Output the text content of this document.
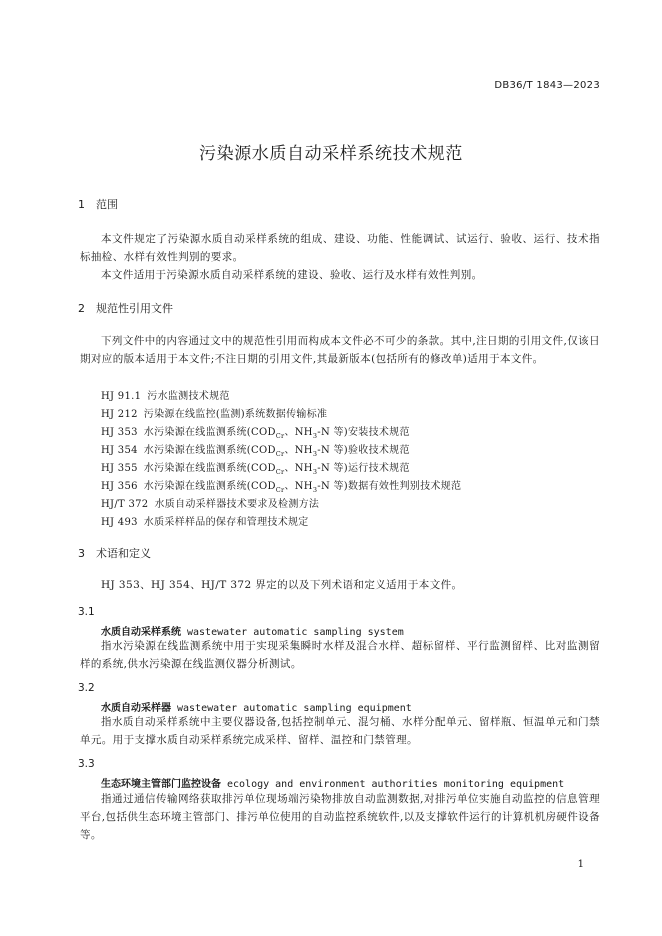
DB36/T 1843—2023
污染源水质自动采样系统技术规范
1 范围
本文件规定了污染源水质自动采样系统的组成、建设、功能、性能调试、试运行、验收、运行、技术指标抽检、水样有效性判别的要求。
本文件适用于污染源水质自动采样系统的建设、验收、运行及水样有效性判别。
2 规范性引用文件
下列文件中的内容通过文中的规范性引用而构成本文件必不可少的条款。其中,注日期的引用文件,仅该日期对应的版本适用于本文件;不注日期的引用文件,其最新版本(包括所有的修改单)适用于本文件。
HJ 91.1 污水监测技术规范
HJ 212 污染源在线监控(监测)系统数据传输标准
HJ 353 水污染源在线监测系统($COD_{Cr}$、$NH_3-N$ 等)安装技术规范
HJ 354 水污染源在线监测系统($COD_{Cr}$、$NH_3-N$ 等)验收技术规范
HJ 355 水污染源在线监测系统($COD_{Cr}$、$NH_3-N$ 等)运行技术规范
HJ 356 水污染源在线监测系统($COD_{Cr}$、$NH_3-N$ 等)数据有效性判别技术规范
HJ/T 372 水质自动采样器技术要求及检测方法
HJ 493 水质采样样品的保存和管理技术规定
3 术语和定义
HJ 353、HJ 354、HJ/T 372 界定的以及下列术语和定义适用于本文件。
3.1
水质自动采样系统 wastewater automatic sampling system
指水污染源在线监测系统中用于实现采集瞬时水样及混合水样、超标留样、平行监测留样、比对监测留样的系统,供水污染源在线监测仪器分析测试。
3.2
水质自动采样器 wastewater automatic sampling equipment
指水质自动采样系统中主要仪器设备,包括控制单元、混匀桶、水样分配单元、留样瓶、恒温单元和门禁单元。用于支撑水质自动采样系统完成采样、留样、温控和门禁管理。
3.3
生态环境主管部门监控设备 ecology and environment authorities monitoring equipment
指通过通信传输网络获取排污单位现场端污染物排放自动监测数据,对排污单位实施自动监控的信息管理平台,包括供生态环境主管部门、排污单位使用的自动监控系统软件,以及支撑软件运行的计算机机房硬件设备等。
1
